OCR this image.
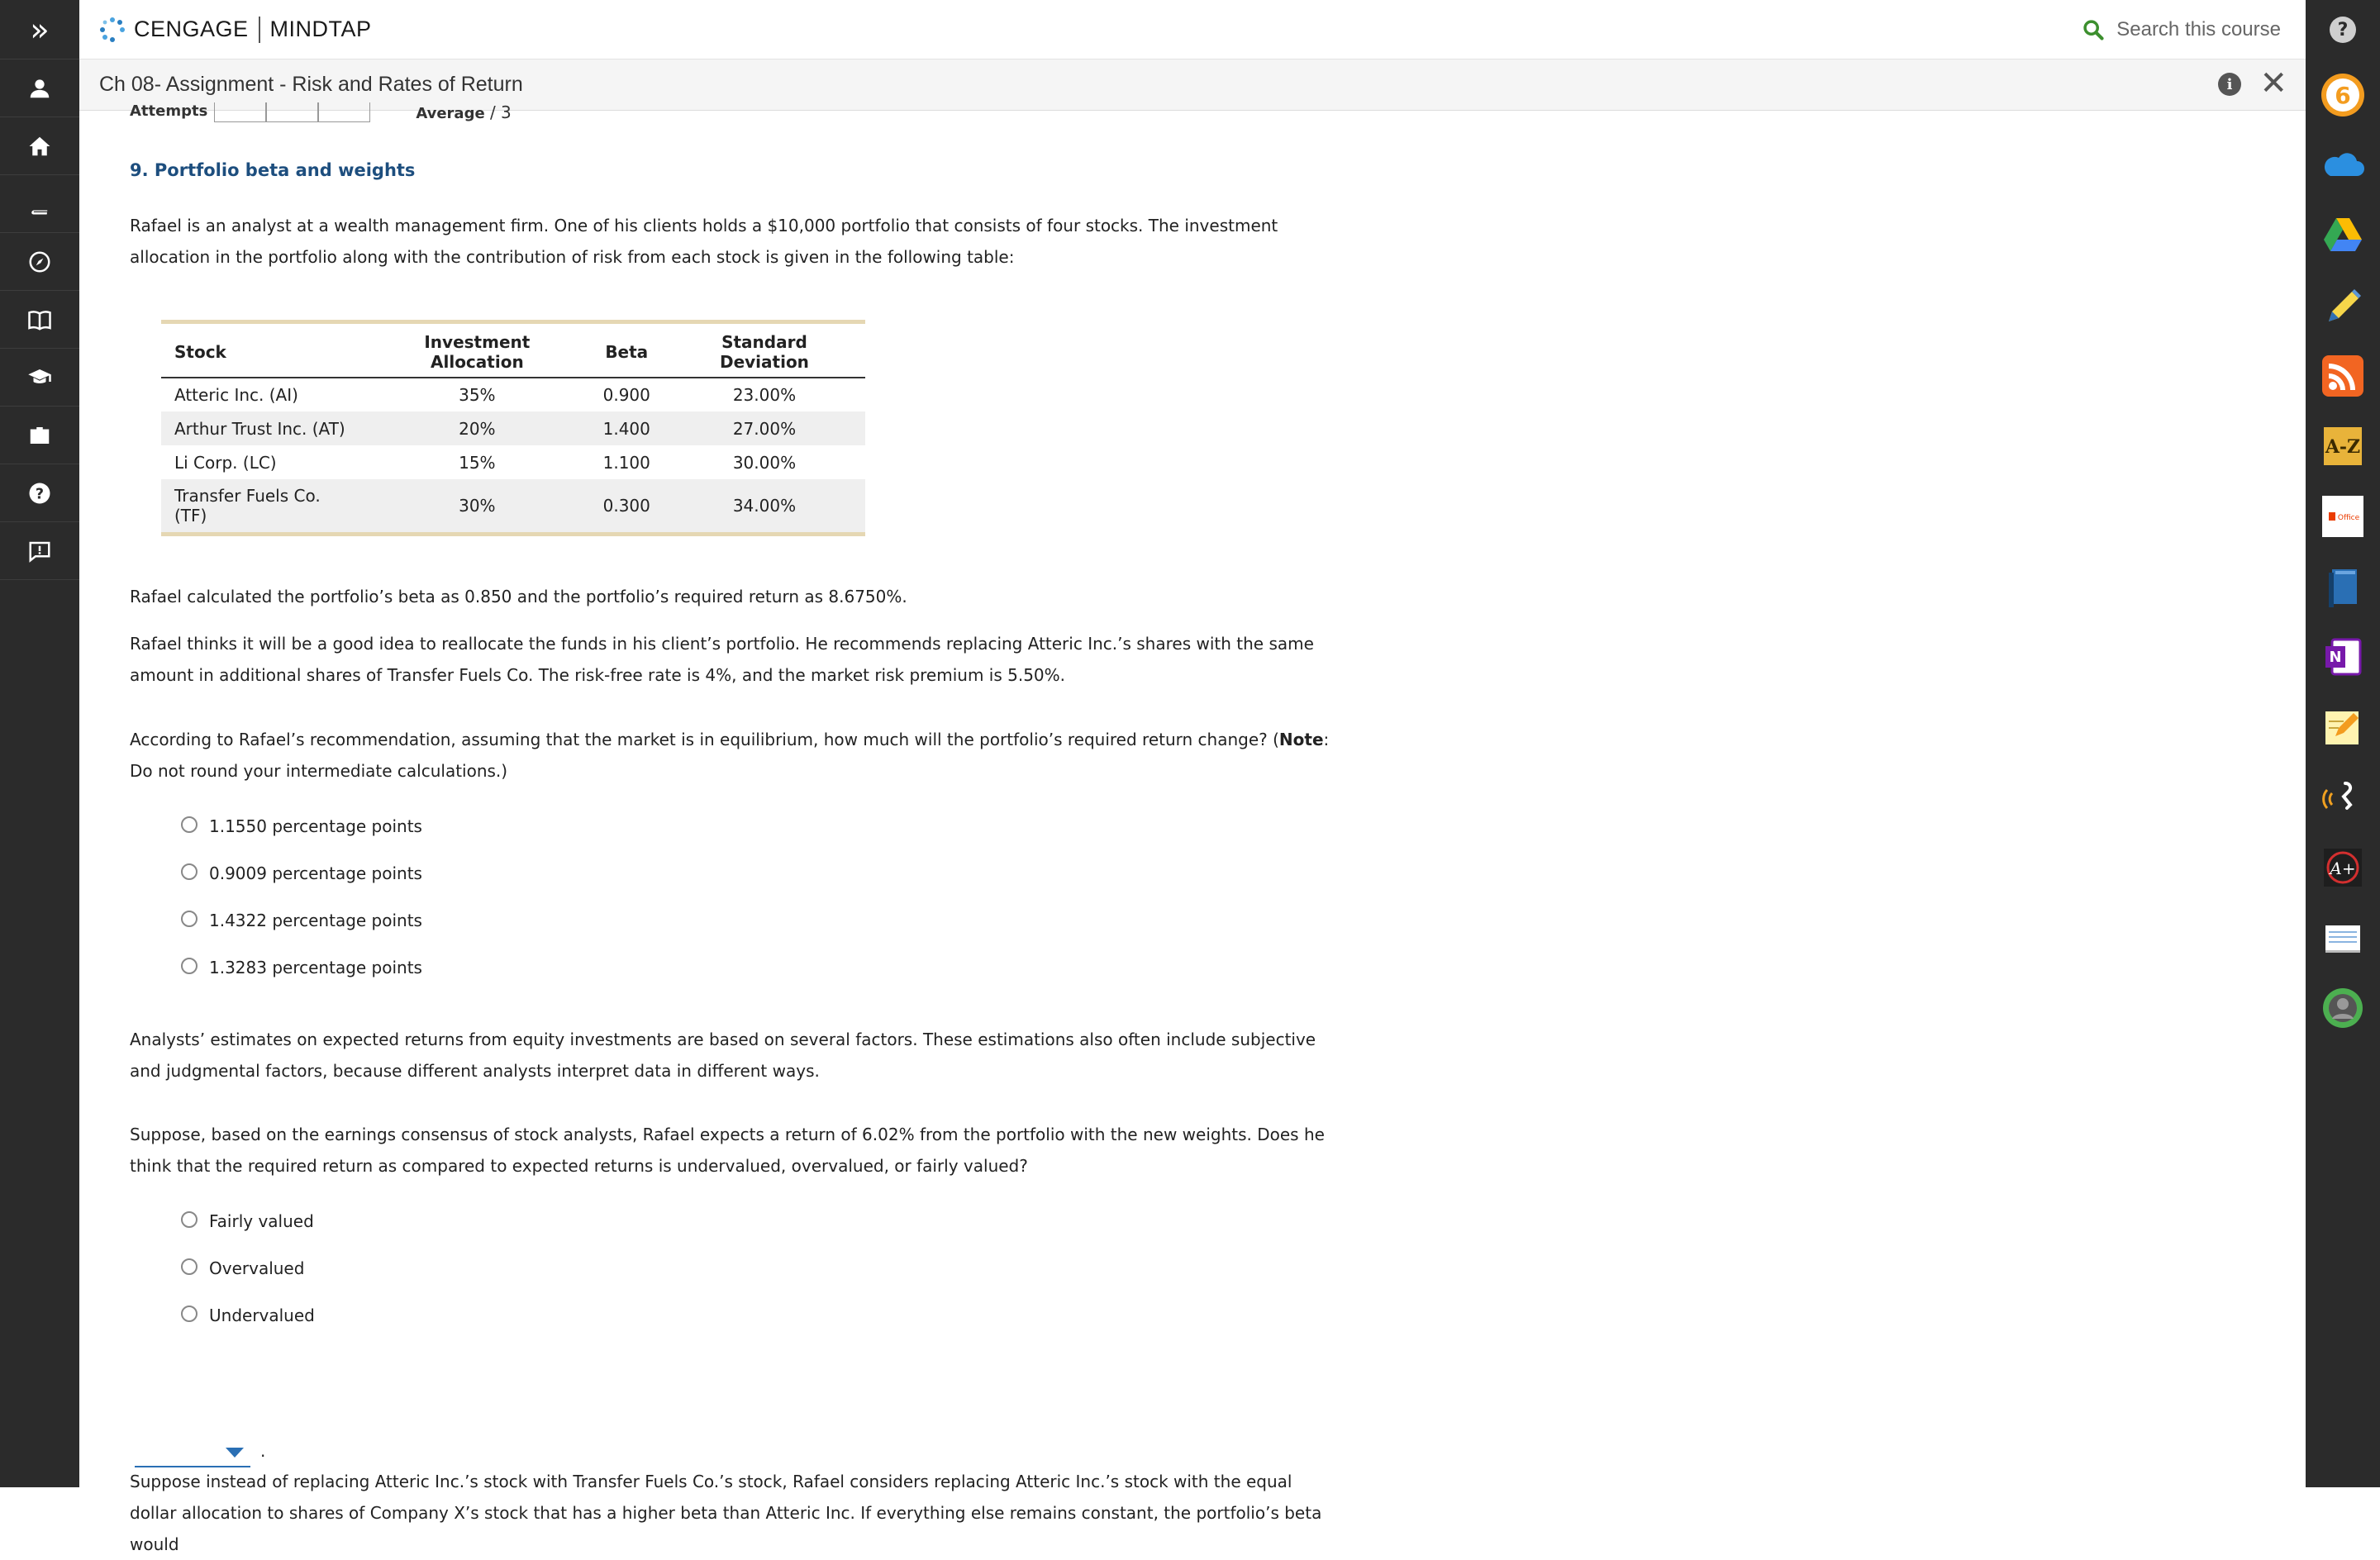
»
?
CENGAGE MINDTAP	Search this course
Ch 08- Assignment - Risk and Rates of Return	i ✕
?
6
A-Z
Office
N
A+
Attempts	Average / 3
9. Portfolio beta and weights

Rafael is an analyst at a wealth management firm. One of his clients holds a $10,000 portfolio that consists of four stocks. The investment allocation in the portfolio along with the contribution of risk from each stock is given in the following table:

Stock	Investment Allocation	Beta	Standard Deviation
Atteric Inc. (AI)	35%	0.900	23.00%
Arthur Trust Inc. (AT)	20%	1.400	27.00%
Li Corp. (LC)	15%	1.100	30.00%
Transfer Fuels Co. (TF)	30%	0.300	34.00%

Rafael calculated the portfolio’s beta as 0.850 and the portfolio’s required return as 8.6750%.

Rafael thinks it will be a good idea to reallocate the funds in his client’s portfolio. He recommends replacing Atteric Inc.’s shares with the same amount in additional shares of Transfer Fuels Co. The risk-free rate is 4%, and the market risk premium is 5.50%.

According to Rafael’s recommendation, assuming that the market is in equilibrium, how much will the portfolio’s required return change? (Note: Do not round your intermediate calculations.)

1.1550 percentage points
0.9009 percentage points
1.4322 percentage points
1.3283 percentage points

Analysts’ estimates on expected returns from equity investments are based on several factors. These estimations also often include subjective and judgmental factors, because different analysts interpret data in different ways.

Suppose, based on the earnings consensus of stock analysts, Rafael expects a return of 6.02% from the portfolio with the new weights. Does he think that the required return as compared to expected returns is undervalued, overvalued, or fairly valued?

Fairly valued
Overvalued
Undervalued

Suppose instead of replacing Atteric Inc.’s stock with Transfer Fuels Co.’s stock, Rafael considers replacing Atteric Inc.’s stock with the equal dollar allocation to shares of Company X’s stock that has a higher beta than Atteric Inc. If everything else remains constant, the portfolio’s beta would

.
